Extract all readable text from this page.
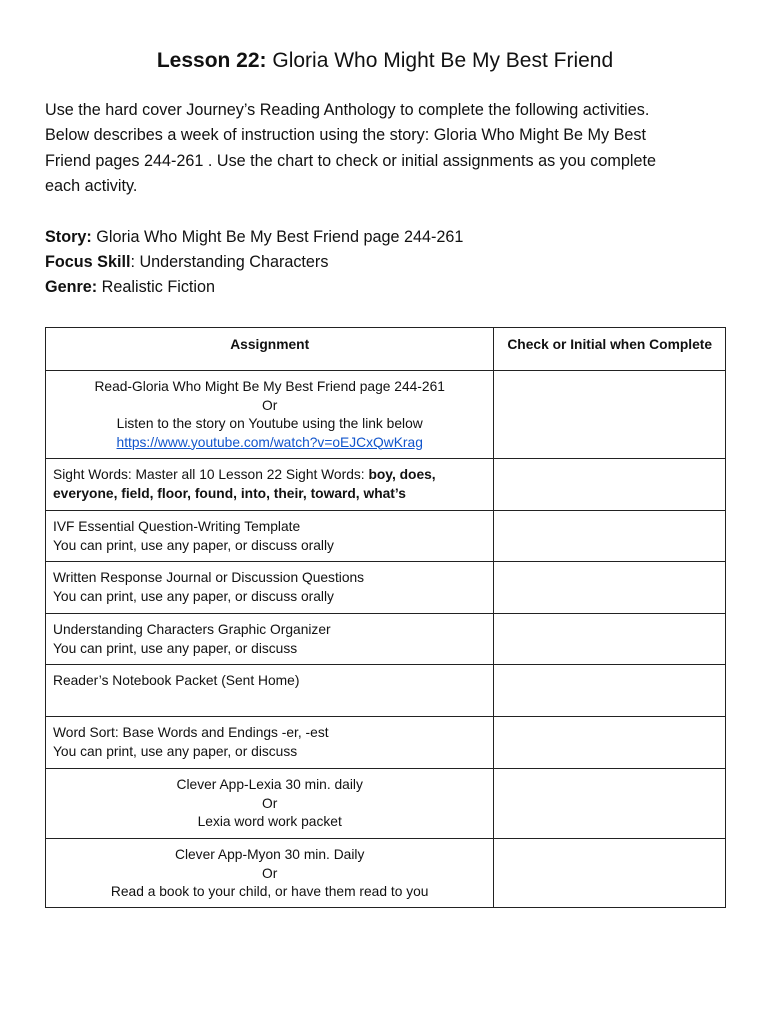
Lesson 22: Gloria Who Might Be My Best Friend
Use the hard cover Journey’s Reading Anthology to complete the following activities.
Below describes a week of instruction using the story: Gloria Who Might Be My Best
Friend pages 244-261 . Use the chart to check or initial assignments as you complete
each activity.
Story: Gloria Who Might Be My Best Friend page 244-261
Focus Skill: Understanding Characters
Genre: Realistic Fiction
Assignment	Check or Initial when Complete

Read-Gloria Who Might Be My Best Friend page 244-261
Or
Listen to the story on Youtube using the link below
https://www.youtube.com/watch?v=oEJCxQwKrag	

Sight Words: Master all 10 Lesson 22 Sight Words: boy, does, everyone, field, floor, found, into, their, toward, what’s	

IVF Essential Question-Writing Template
You can print, use any paper, or discuss orally	

Written Response Journal or Discussion Questions
You can print, use any paper, or discuss orally	

Understanding Characters Graphic Organizer
You can print, use any paper, or discuss	

Reader’s Notebook Packet (Sent Home)	

Word Sort: Base Words and Endings -er, -est
You can print, use any paper, or discuss	

Clever App-Lexia 30 min. daily
Or
Lexia word work packet	

Clever App-Myon 30 min. Daily
Or
Read a book to your child, or have them read to you	
